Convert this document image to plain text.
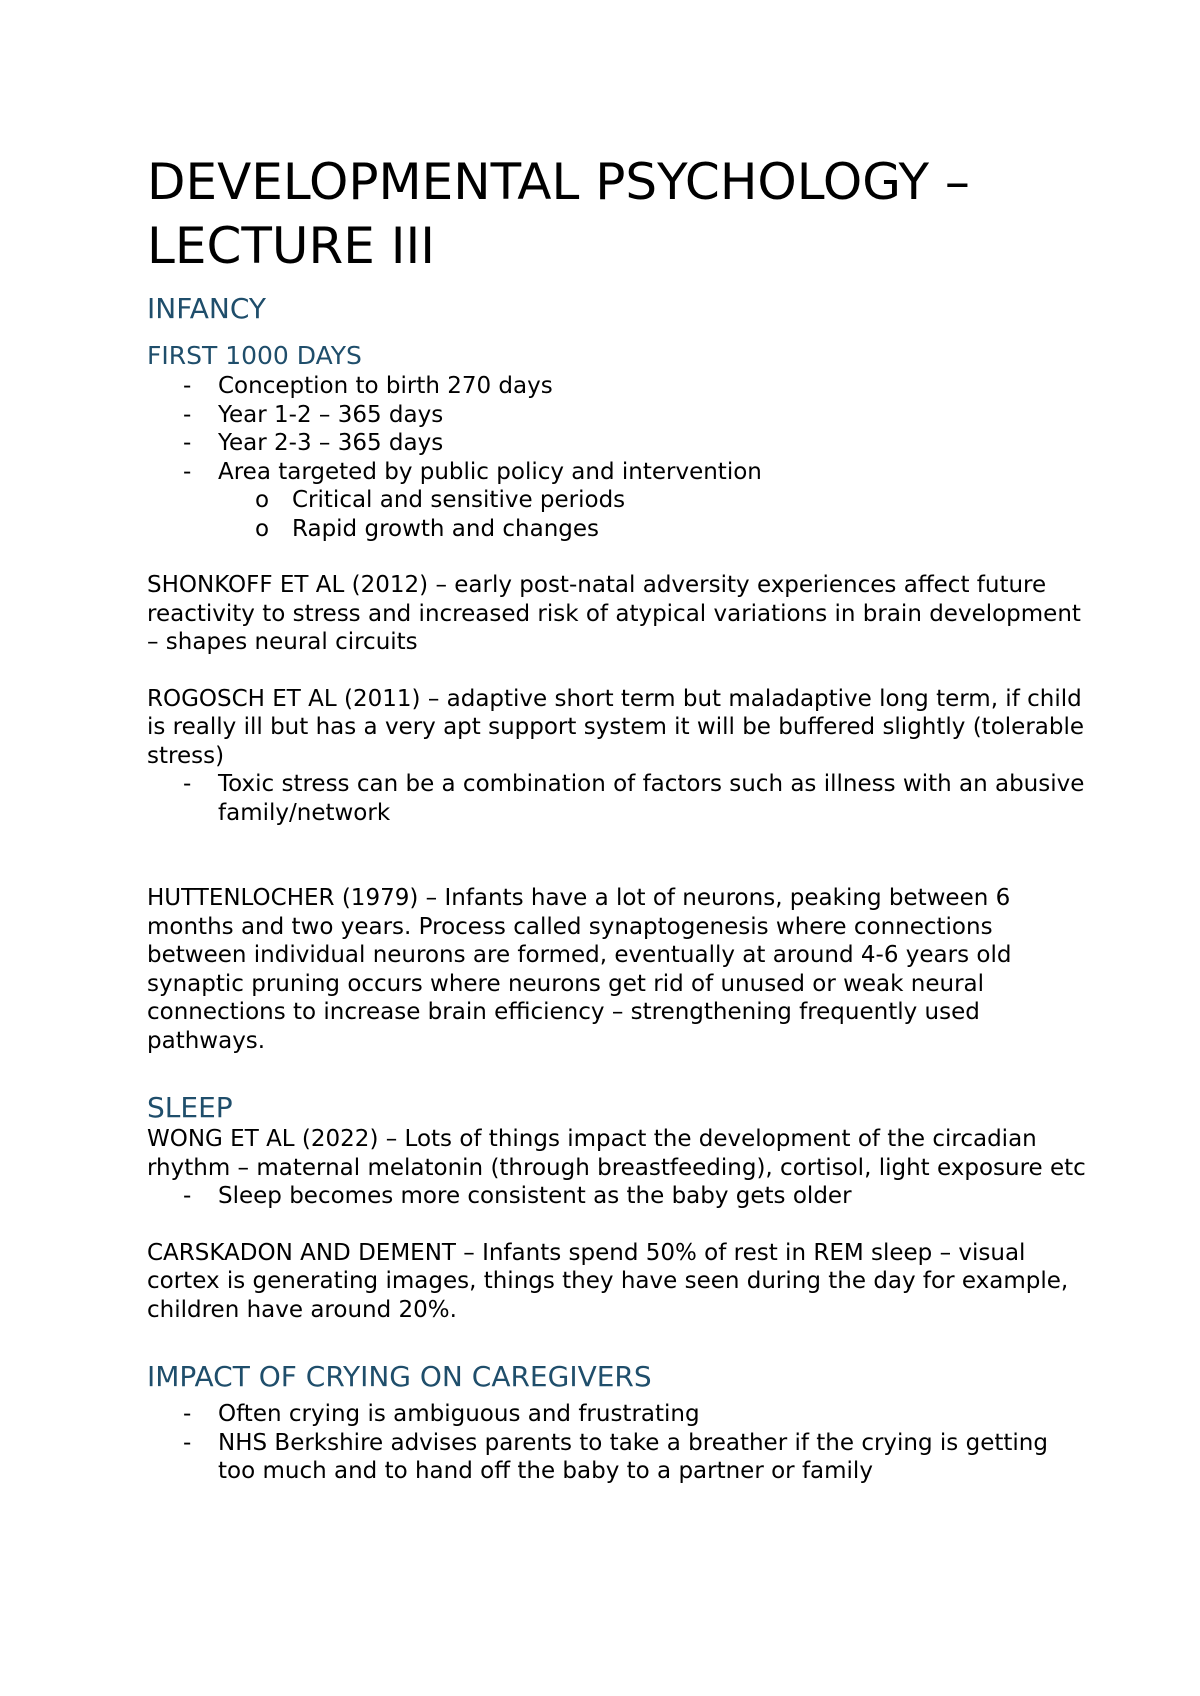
DEVELOPMENTAL PSYCHOLOGY –
LECTURE III
INFANCY
FIRST 1000 DAYS
- Conception to birth 270 days
- Year 1-2 – 365 days
- Year 2-3 – 365 days
- Area targeted by public policy and intervention
o Critical and sensitive periods
o Rapid growth and changes

SHONKOFF ET AL (2012) – early post-natal adversity experiences affect future reactivity to stress and increased risk of atypical variations in brain development – shapes neural circuits

ROGOSCH ET AL (2011) – adaptive short term but maladaptive long term, if child is really ill but has a very apt support system it will be buffered slightly (tolerable stress)

- Toxic stress can be a combination of factors such as illness with an abusive family/network

HUTTENLOCHER (1979) – Infants have a lot of neurons, peaking between 6 months and two years. Process called synaptogenesis where connections between individual neurons are formed, eventually at around 4-6 years old synaptic pruning occurs where neurons get rid of unused or weak neural connections to increase brain efficiency – strengthening frequently used pathways.

SLEEP

WONG ET AL (2022) – Lots of things impact the development of the circadian rhythm – maternal melatonin (through breastfeeding), cortisol, light exposure etc

- Sleep becomes more consistent as the baby gets older

CARSKADON AND DEMENT – Infants spend 50% of rest in REM sleep – visual cortex is generating images, things they have seen during the day for example, children have around 20%.

IMPACT OF CRYING ON CAREGIVERS
- Often crying is ambiguous and frustrating
- NHS Berkshire advises parents to take a breather if the crying is getting too much and to hand off the baby to a partner or family
